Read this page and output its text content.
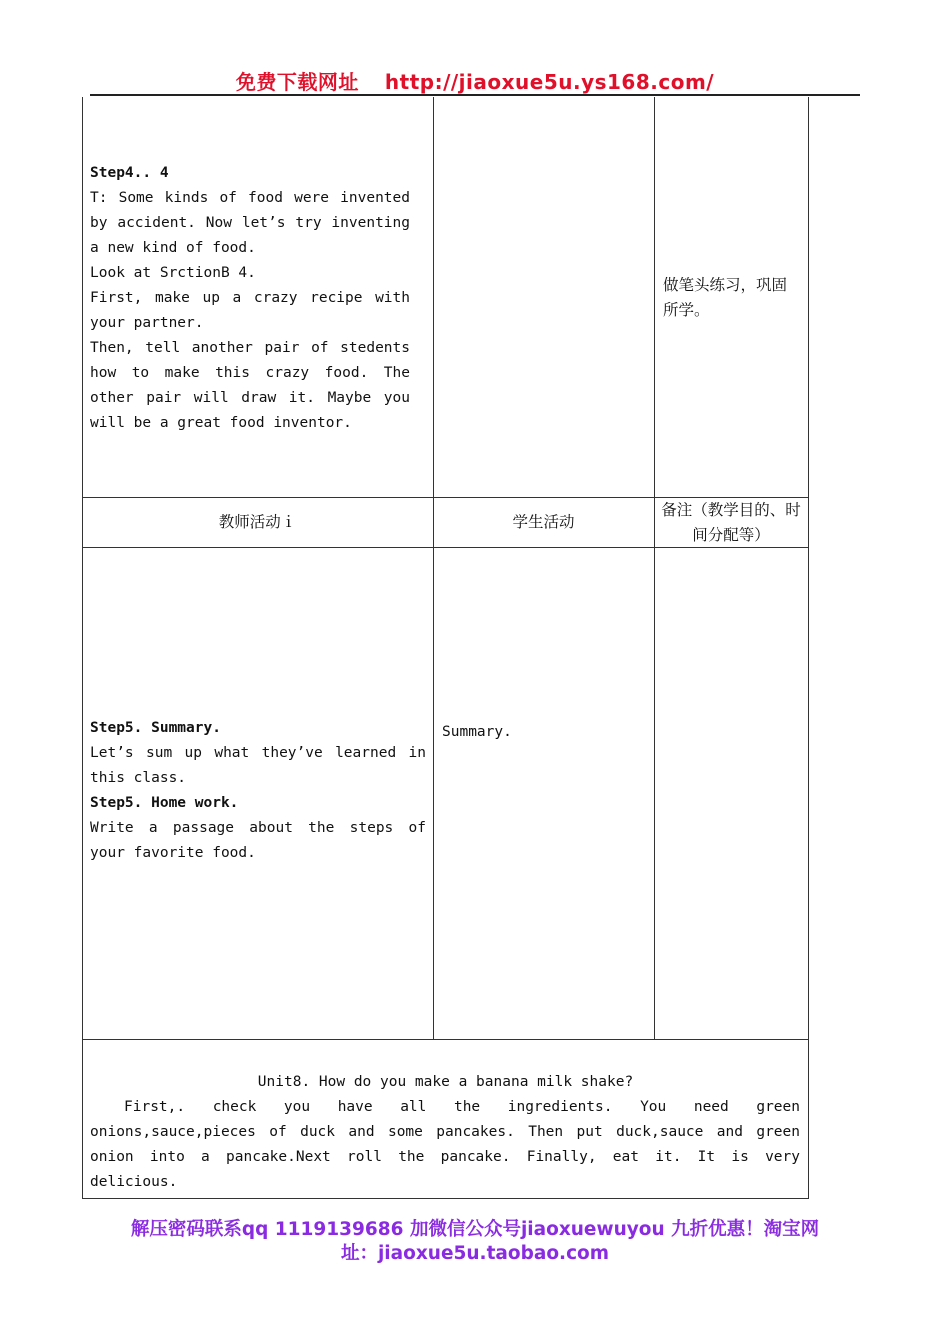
免费下载网址 http://jiaoxue5u.ys168.com/

Step4.. 4

T: Some kinds of food were invented by accident. Now let’s try inventing a new kind of food.

Look at SrctionB 4.

First, make up a crazy recipe with your partner.

Then, tell another pair of stedents how to make this crazy food. The other pair will draw it. Maybe you will be a great food inventor.

做笔头练习，巩固所学。
教师活动ｉ	学生活动
备注（教学目的、时间分配等）

Step5. Summary.

Let’s sum up what they’ve learned in this class.

Step5. Home work.

Write a passage about the steps of your favorite food.

Summary.
Unit8. How do you make a banana milk shake?

First,. check you have all the ingredients. You need green onions,sauce,pieces of duck and some pancakes. Then put duck,sauce and green onion into a pancake.Next roll the pancake. Finally, eat it. It is very delicious.

解压密码联系qq 1119139686 加微信公众号jiaoxuewuyou 九折优惠！淘宝网
址：jiaoxue5u.taobao.com
